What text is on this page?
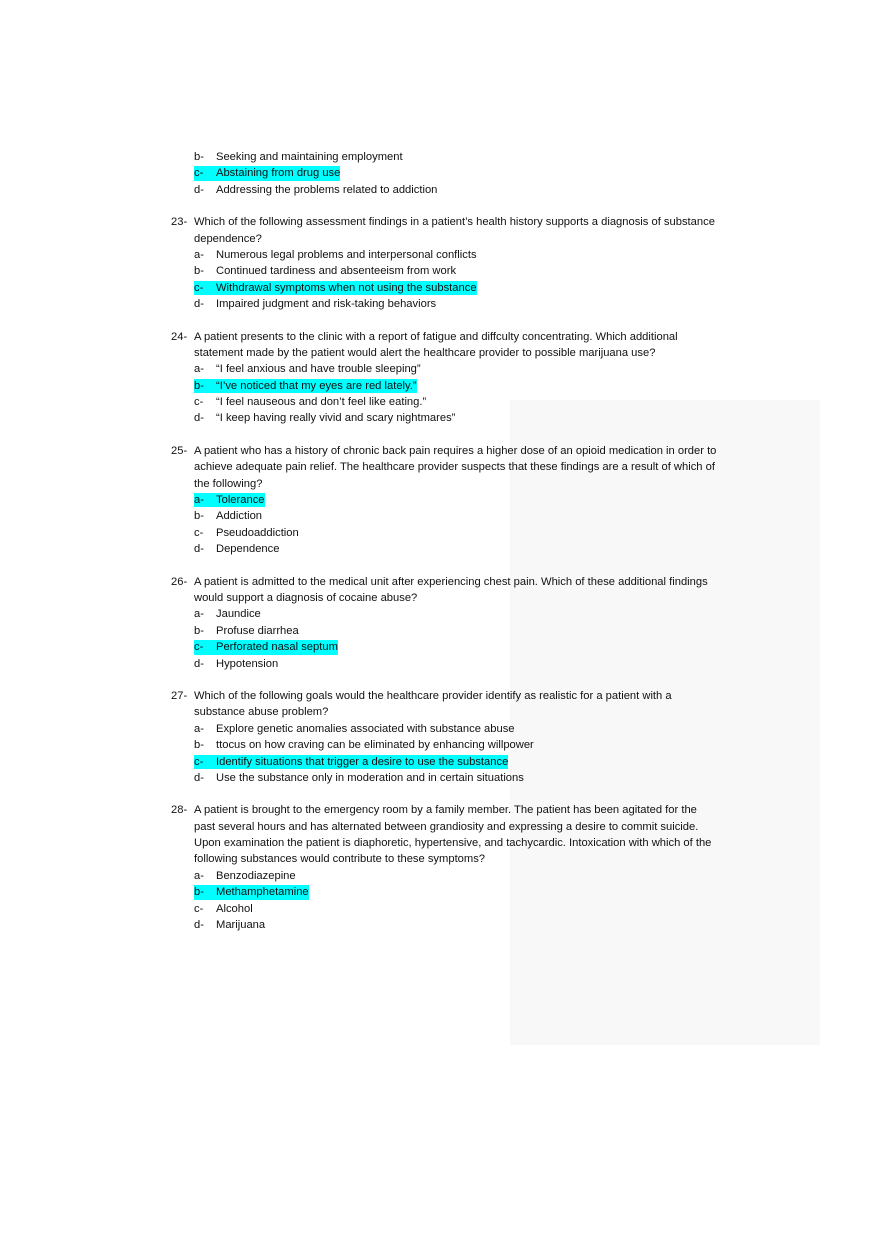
b- Seeking and maintaining employment
c- Abstaining from drug use
d- Addressing the problems related to addiction
23- Which of the following assessment findings in a patient’s health history supports a diagnosis of substance
dependence?
a- Numerous legal problems and interpersonal conflicts
b- Continued tardiness and absenteeism from work
c- Withdrawal symptoms when not using the substance
d- Impaired judgment and risk-taking behaviors
24- A patient presents to the clinic with a report of fatigue and diffculty concentrating. Which additional
statement made by the patient would alert the healthcare provider to possible marijuana use?
a- “I feel anxious and have trouble sleeping”
b- “I’ve noticed that my eyes are red lately.”
c- “I feel nauseous and don’t feel like eating.”
d- “I keep having really vivid and scary nightmares”
25- A patient who has a history of chronic back pain requires a higher dose of an opioid medication in order to
achieve adequate pain relief. The healthcare provider suspects that these findings are a result of which of
the following?
a- Tolerance
b- Addiction
c- Pseudoaddiction
d- Dependence
26- A patient is admitted to the medical unit after experiencing chest pain. Which of these additional findings
would support a diagnosis of cocaine abuse?
a- Jaundice
b- Profuse diarrhea
c- Perforated nasal septum
d- Hypotension
27- Which of the following goals would the healthcare provider identify as realistic for a patient with a
substance abuse problem?
a- Explore genetic anomalies associated with substance abuse
b- ttocus on how craving can be eliminated by enhancing willpower
c- Identify situations that trigger a desire to use the substance
d- Use the substance only in moderation and in certain situations
28- A patient is brought to the emergency room by a family member. The patient has been agitated for the
past several hours and has alternated between grandiosity and expressing a desire to commit suicide.
Upon examination the patient is diaphoretic, hypertensive, and tachycardic. Intoxication with which of the
following substances would contribute to these symptoms?
a- Benzodiazepine
b- Methamphetamine
c- Alcohol
d- Marijuana
